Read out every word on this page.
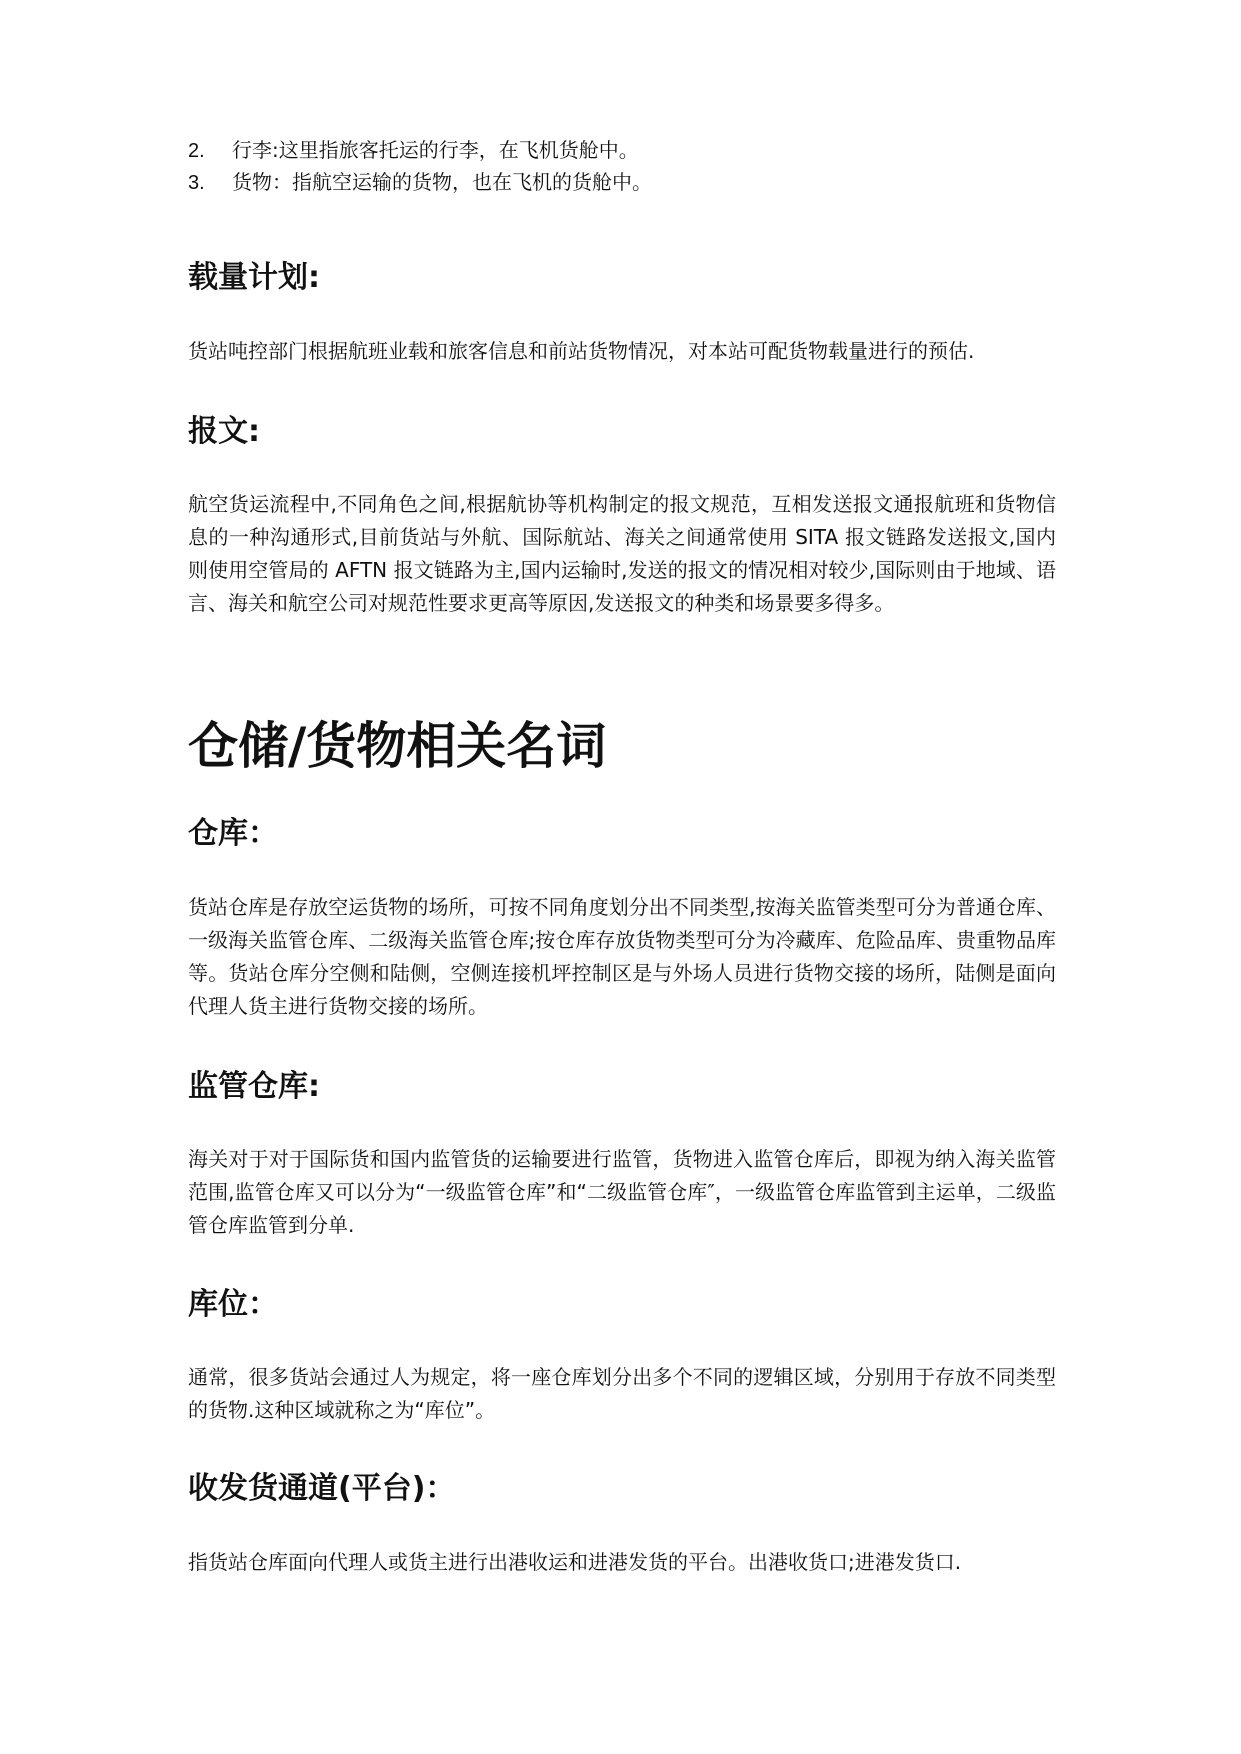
2. 行李:这里指旅客托运的行李，在飞机货舱中。
3. 货物：指航空运输的货物，也在飞机的货舱中。
载量计划:
货站吨控部门根据航班业载和旅客信息和前站货物情况，对本站可配货物载量进行的预估.
报文:
航空货运流程中,不同角色之间,根据航协等机构制定的报文规范，互相发送报文通报航班和货物信息的一种沟通形式,目前货站与外航、国际航站、海关之间通常使用 SITA 报文链路发送报文,国内则使用空管局的 AFTN 报文链路为主,国内运输时,发送的报文的情况相对较少,国际则由于地域、语言、海关和航空公司对规范性要求更高等原因,发送报文的种类和场景要多得多。
仓储/货物相关名词
仓库：
货站仓库是存放空运货物的场所，可按不同角度划分出不同类型,按海关监管类型可分为普通仓库、一级海关监管仓库、二级海关监管仓库;按仓库存放货物类型可分为冷藏库、危险品库、贵重物品库等。货站仓库分空侧和陆侧，空侧连接机坪控制区是与外场人员进行货物交接的场所，陆侧是面向代理人货主进行货物交接的场所。
监管仓库:
海关对于对于国际货和国内监管货的运输要进行监管，货物进入监管仓库后，即视为纳入海关监管范围,监管仓库又可以分为“一级监管仓库”和“二级监管仓库″，一级监管仓库监管到主运单，二级监管仓库监管到分单.
库位：
通常，很多货站会通过人为规定，将一座仓库划分出多个不同的逻辑区域，分别用于存放不同类型的货物.这种区域就称之为“库位”。
收发货通道(平台)：
指货站仓库面向代理人或货主进行出港收运和进港发货的平台。出港收货口;进港发货口.
